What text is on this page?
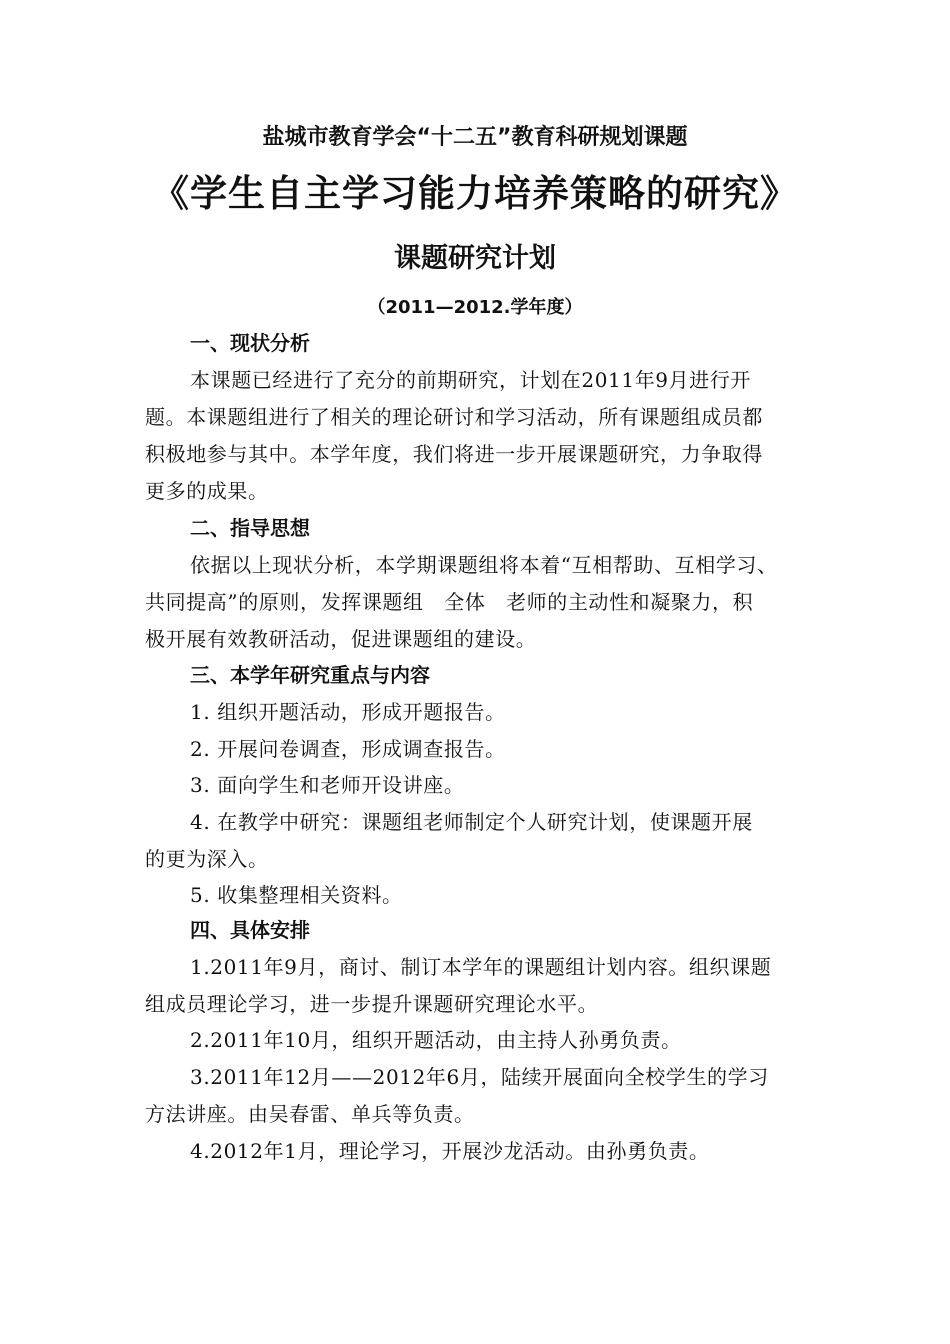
盐城市教育学会“十二五”教育科研规划课题
《学生自主学习能力培养策略的研究》
课题研究计划
（2011—2012.学年度）
一、现状分析
本课题已经进行了充分的前期研究，计划在2011年9月进行开
题。本课题组进行了相关的理论研讨和学习活动，所有课题组成员都
积极地参与其中。本学年度，我们将进一步开展课题研究，力争取得
更多的成果。
二、指导思想
依据以上现状分析，本学期课题组将本着“互相帮助、互相学习、
共同提高”的原则，发挥课题组　全体　老师的主动性和凝聚力，积
极开展有效教研活动，促进课题组的建设。
三、本学年研究重点与内容
1. 组织开题活动，形成开题报告。
2. 开展问卷调查，形成调查报告。
3. 面向学生和老师开设讲座。
4. 在教学中研究：课题组老师制定个人研究计划，使课题开展
的更为深入。
5. 收集整理相关资料。
四、具体安排
1.2011年9月，商讨、制订本学年的课题组计划内容。组织课题
组成员理论学习，进一步提升课题研究理论水平。
2.2011年10月，组织开题活动，由主持人孙勇负责。
3.2011年12月——2012年6月，陆续开展面向全校学生的学习
方法讲座。由吴春雷、单兵等负责。
4.2012年1月，理论学习，开展沙龙活动。由孙勇负责。
